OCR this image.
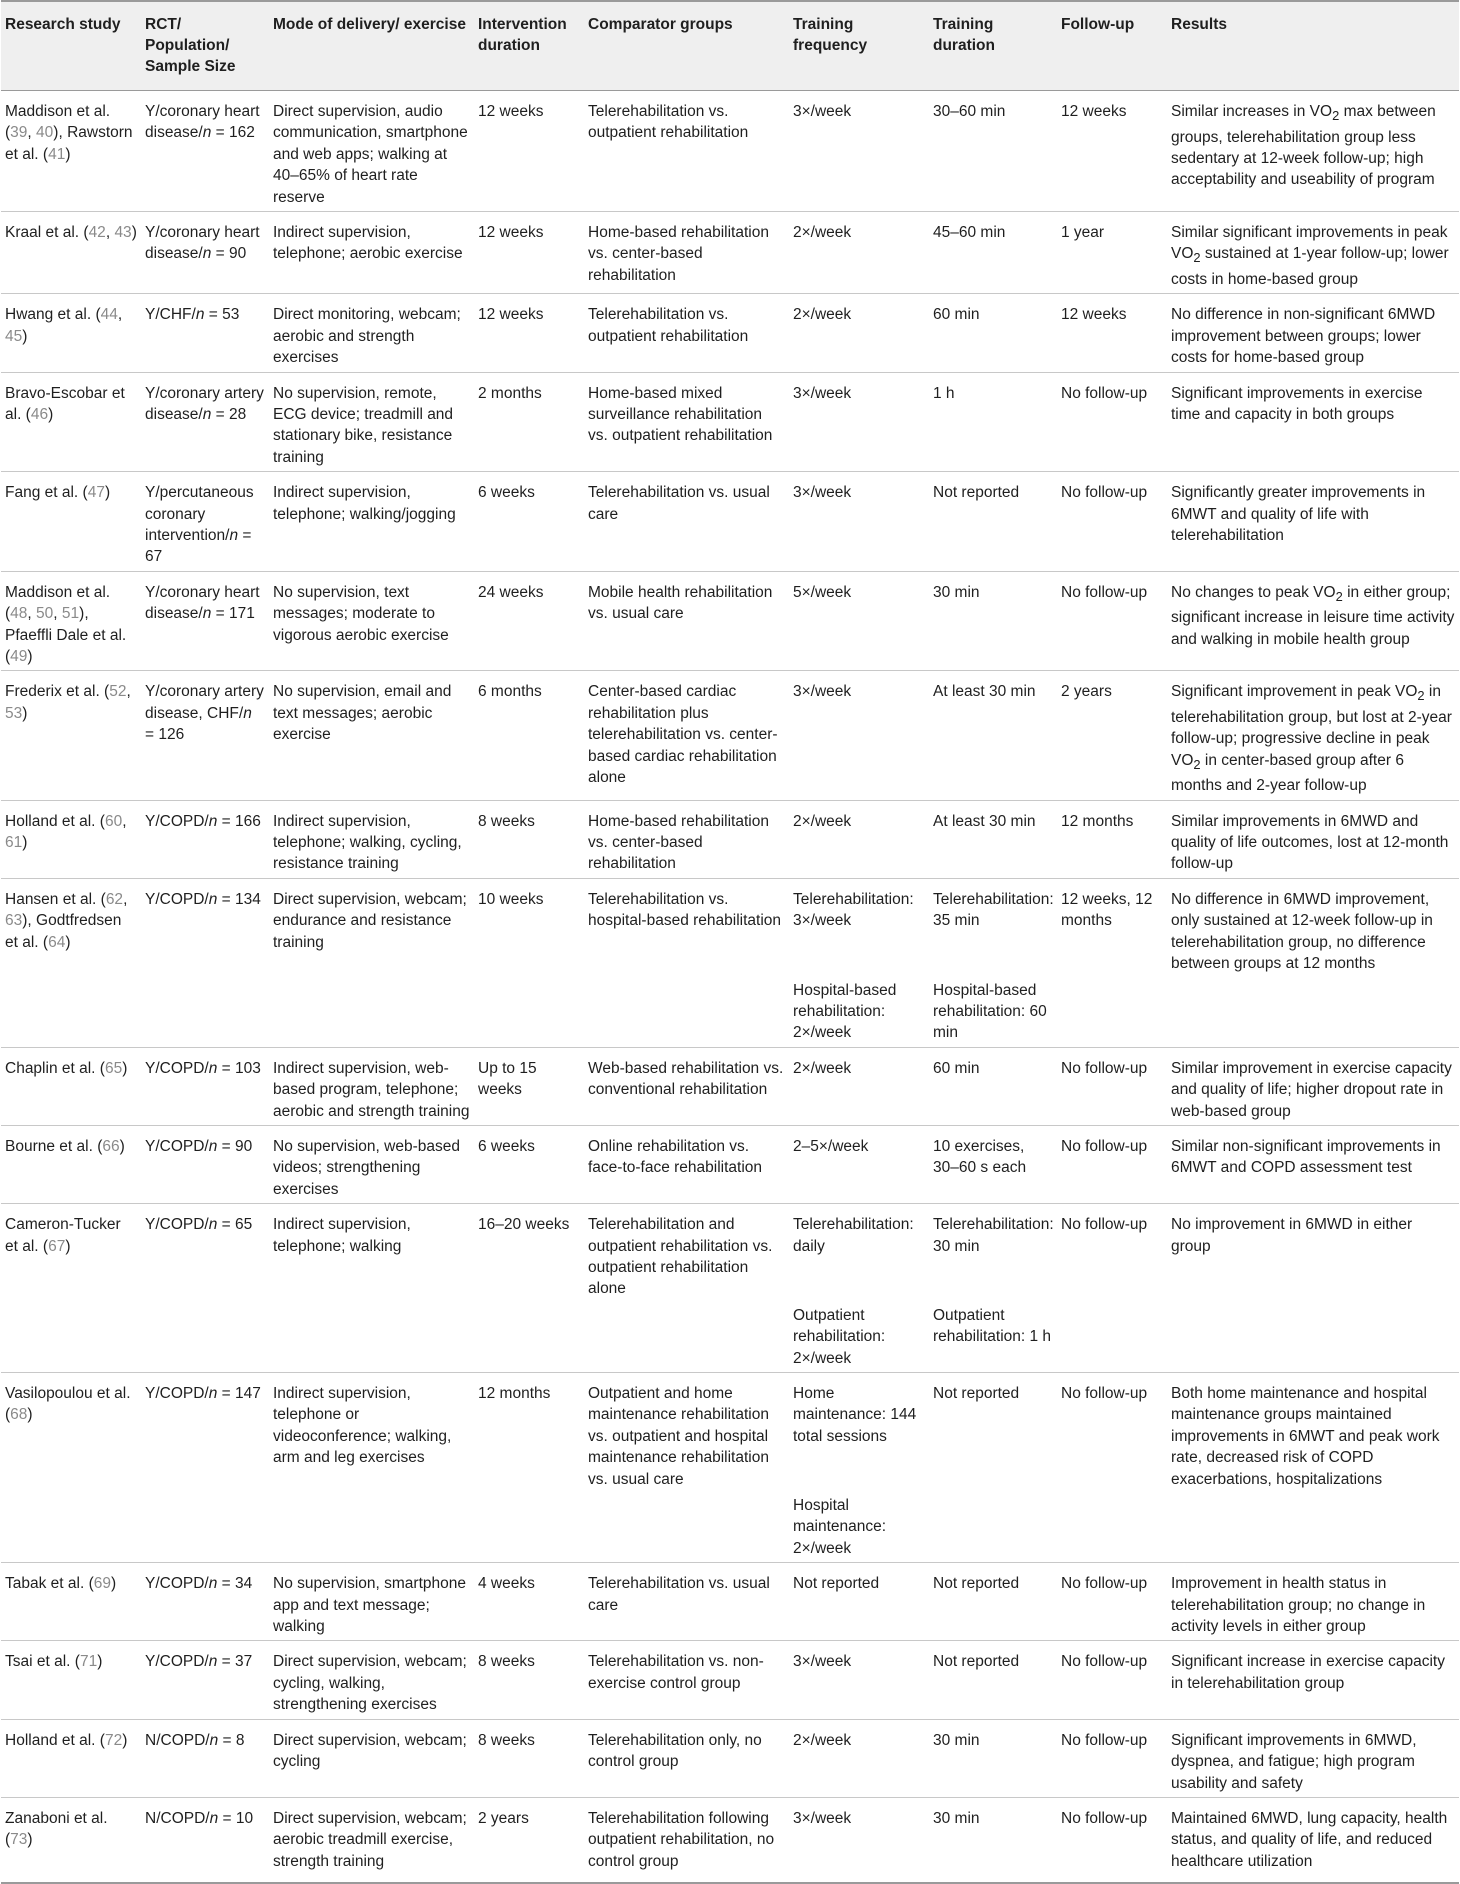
Research study	RCT/ Population/ Sample Size	Mode of delivery/ exercise	Intervention duration	Comparator groups	Training frequency	Training duration	Follow-up	Results
Maddison et al. (39, 40), Rawstorn et al. (41)	Y/coronary heart disease/n = 162	Direct supervision, audio communication, smartphone and web apps; walking at 40–65% of heart rate reserve	12 weeks	Telerehabilitation vs. outpatient rehabilitation	3×/week	30–60 min	12 weeks	Similar increases in $VO_2$ max between groups, telerehabilitation group less sedentary at 12-week follow-up; high acceptability and useability of program
Kraal et al. (42, 43)	Y/coronary heart disease/n = 90	Indirect supervision, telephone; aerobic exercise	12 weeks	Home-based rehabilitation vs. center-based rehabilitation	2×/week	45–60 min	1 year	Similar significant improvements in peak $VO_2$ sustained at 1-year follow-up; lower costs in home-based group
Hwang et al. (44, 45)	Y/CHF/n = 53	Direct monitoring, webcam; aerobic and strength exercises	12 weeks	Telerehabilitation vs. outpatient rehabilitation	2×/week	60 min	12 weeks	No difference in non-significant 6MWD improvement between groups; lower costs for home-based group
Bravo-Escobar et al. (46)	Y/coronary artery disease/n = 28	No supervision, remote, ECG device; treadmill and stationary bike, resistance training	2 months	Home-based mixed surveillance rehabilitation vs. outpatient rehabilitation	3×/week	1 h	No follow-up	Significant improvements in exercise time and capacity in both groups
Fang et al. (47)	Y/percutaneous coronary intervention/n = 67	Indirect supervision, telephone; walking/jogging	6 weeks	Telerehabilitation vs. usual care	3×/week	Not reported	No follow-up	Significantly greater improvements in 6MWT and quality of life with telerehabilitation
Maddison et al. (48, 50, 51), Pfaeffli Dale et al. (49)	Y/coronary heart disease/n = 171	No supervision, text messages; moderate to vigorous aerobic exercise	24 weeks	Mobile health rehabilitation vs. usual care	5×/week	30 min	No follow-up	No changes to peak $VO_2$ in either group; significant increase in leisure time activity and walking in mobile health group
Frederix et al. (52, 53)	Y/coronary artery disease, CHF/n = 126	No supervision, email and text messages; aerobic exercise	6 months	Center-based cardiac rehabilitation plus telerehabilitation vs. center-based cardiac rehabilitation alone	3×/week	At least 30 min	2 years	Significant improvement in peak $VO_2$ in telerehabilitation group, but lost at 2-year follow-up; progressive decline in peak $VO_2$ in center-based group after 6 months and 2-year follow-up
Holland et al. (60, 61)	Y/COPD/n = 166	Indirect supervision, telephone; walking, cycling, resistance training	8 weeks	Home-based rehabilitation vs. center-based rehabilitation	2×/week	At least 30 min	12 months	Similar improvements in 6MWD and quality of life outcomes, lost at 12-month follow-up
Hansen et al. (62, 63), Godtfredsen et al. (64)	Y/COPD/n = 134	Direct supervision, webcam; endurance and resistance training	10 weeks	Telerehabilitation vs. hospital-based rehabilitation	Telerehabilitation: 3×/week	Telerehabilitation: 35 min	12 weeks, 12 months	No difference in 6MWD improvement, only sustained at 12-week follow-up in telerehabilitation group, no difference between groups at 12 months
					Hospital-based rehabilitation: 2×/week	Hospital-based rehabilitation: 60 min		
Chaplin et al. (65)	Y/COPD/n = 103	Indirect supervision, web-based program, telephone; aerobic and strength training	Up to 15 weeks	Web-based rehabilitation vs. conventional rehabilitation	2×/week	60 min	No follow-up	Similar improvement in exercise capacity and quality of life; higher dropout rate in web-based group
Bourne et al. (66)	Y/COPD/n = 90	No supervision, web-based videos; strengthening exercises	6 weeks	Online rehabilitation vs. face-to-face rehabilitation	2–5×/week	10 exercises, 30–60 s each	No follow-up	Similar non-significant improvements in 6MWT and COPD assessment test
Cameron-Tucker et al. (67)	Y/COPD/n = 65	Indirect supervision, telephone; walking	16–20 weeks	Telerehabilitation and outpatient rehabilitation vs. outpatient rehabilitation alone	Telerehabilitation: daily	Telerehabilitation: 30 min	No follow-up	No improvement in 6MWD in either group
					Outpatient rehabilitation: 2×/week	Outpatient rehabilitation: 1 h		
Vasilopoulou et al. (68)	Y/COPD/n = 147	Indirect supervision, telephone or videoconference; walking, arm and leg exercises	12 months	Outpatient and home maintenance rehabilitation vs. outpatient and hospital maintenance rehabilitation vs. usual care	Home maintenance: 144 total sessions	Not reported	No follow-up	Both home maintenance and hospital maintenance groups maintained improvements in 6MWT and peak work rate, decreased risk of COPD exacerbations, hospitalizations
					Hospital maintenance: 2×/week			
Tabak et al. (69)	Y/COPD/n = 34	No supervision, smartphone app and text message; walking	4 weeks	Telerehabilitation vs. usual care	Not reported	Not reported	No follow-up	Improvement in health status in telerehabilitation group; no change in activity levels in either group
Tsai et al. (71)	Y/COPD/n = 37	Direct supervision, webcam; cycling, walking, strengthening exercises	8 weeks	Telerehabilitation vs. non-exercise control group	3×/week	Not reported	No follow-up	Significant increase in exercise capacity in telerehabilitation group
Holland et al. (72)	N/COPD/n = 8	Direct supervision, webcam; cycling	8 weeks	Telerehabilitation only, no control group	2×/week	30 min	No follow-up	Significant improvements in 6MWD, dyspnea, and fatigue; high program usability and safety
Zanaboni et al. (73)	N/COPD/n = 10	Direct supervision, webcam; aerobic treadmill exercise, strength training	2 years	Telerehabilitation following outpatient rehabilitation, no control group	3×/week	30 min	No follow-up	Maintained 6MWD, lung capacity, health status, and quality of life, and reduced healthcare utilization
